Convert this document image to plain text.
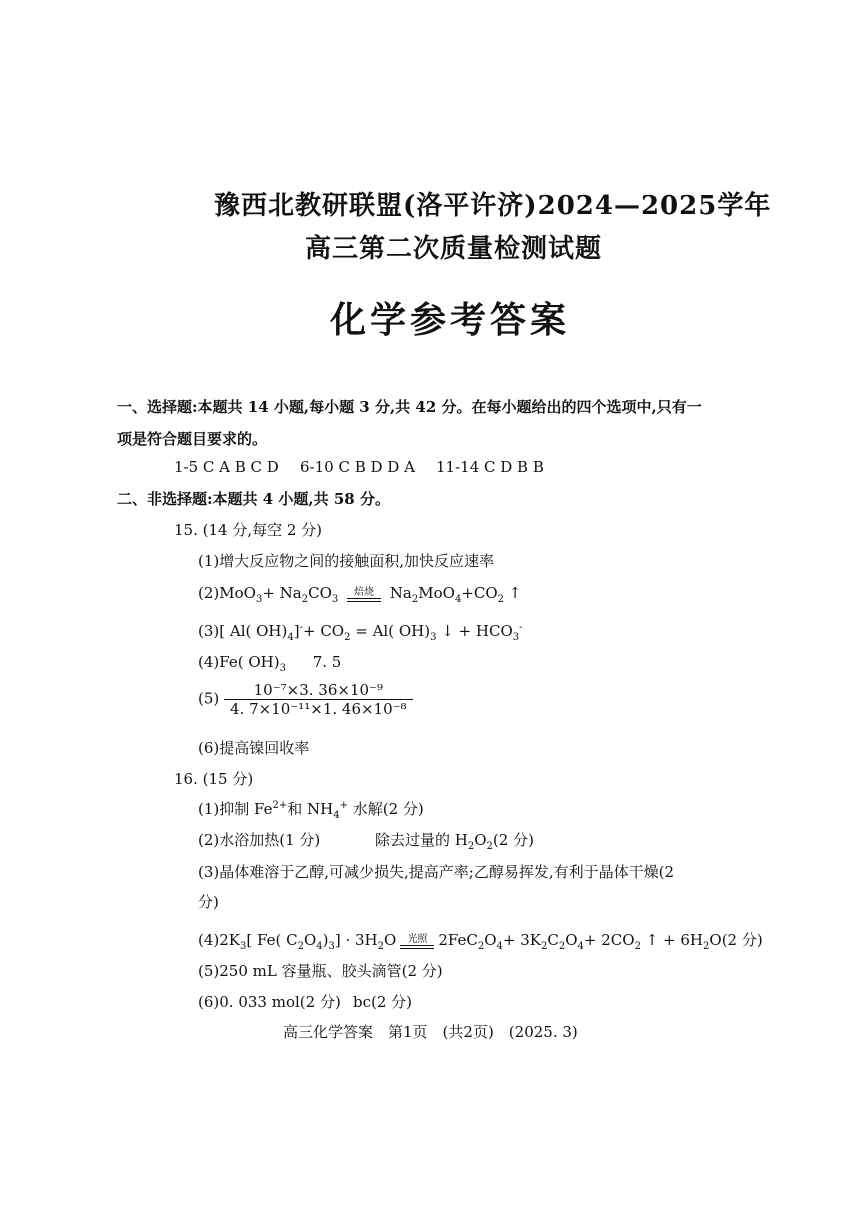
豫西北教研联盟(洛平许济)2024—2025学年
高三第二次质量检测试题
化学参考答案
一、选择题:本题共 14 小题,每小题 3 分,共 42 分。在每小题给出的四个选项中,只有一
项是符合题目要求的。
1-5 C A B C D 6-10 C B D D A 11-14 C D B B
二、非选择题:本题共 4 小题,共 58 分。
15. (14 分,每空 2 分)
(1)增大反应物之间的接触面积,加快反应速率
$(2)MoO_3+ Na_2CO_3$
焙烧 $Na_2MoO_4+CO_2$ ↑
(3)[ Al( $OH)_4]^-+ CO_2 = Al$( $OH)_3$ ↓ + $HCO_3^-$
(4)Fe( $OH)_3$ 7. 5
$(5) \frac{\text{10⁻⁷×3. 36×10⁻⁹}}{\text{4. 7×10⁻¹¹×1. 46×10⁻⁸}}$
(6)提高镍回收率
16. (15 分)
(1)抑制 $Fe^{2+}$和 $NH_4^+$ 水解(2 分)
(2)水浴加热(1 分)	除去过量的 $H_2O_2(2$ 分)
(3)晶体难溶于乙醇,可减少损失,提高产率;乙醇易挥发,有利于晶体干燥(2
分)
$(4)2K_3$[ Fe( $C_2O_4)_3] \cdot 3H_2O$ 光照 $2FeC_2O_4+ 3K_2C_2O_4+ 2CO_2$ ↑ + $6H_2O(2$ 分)
(5)250 mL 容量瓶、胶头滴管(2 分)
(6)0. 033 mol(2 分) bc(2 分)
高三化学答案　第1页　(共2页)　(2025. 3)
